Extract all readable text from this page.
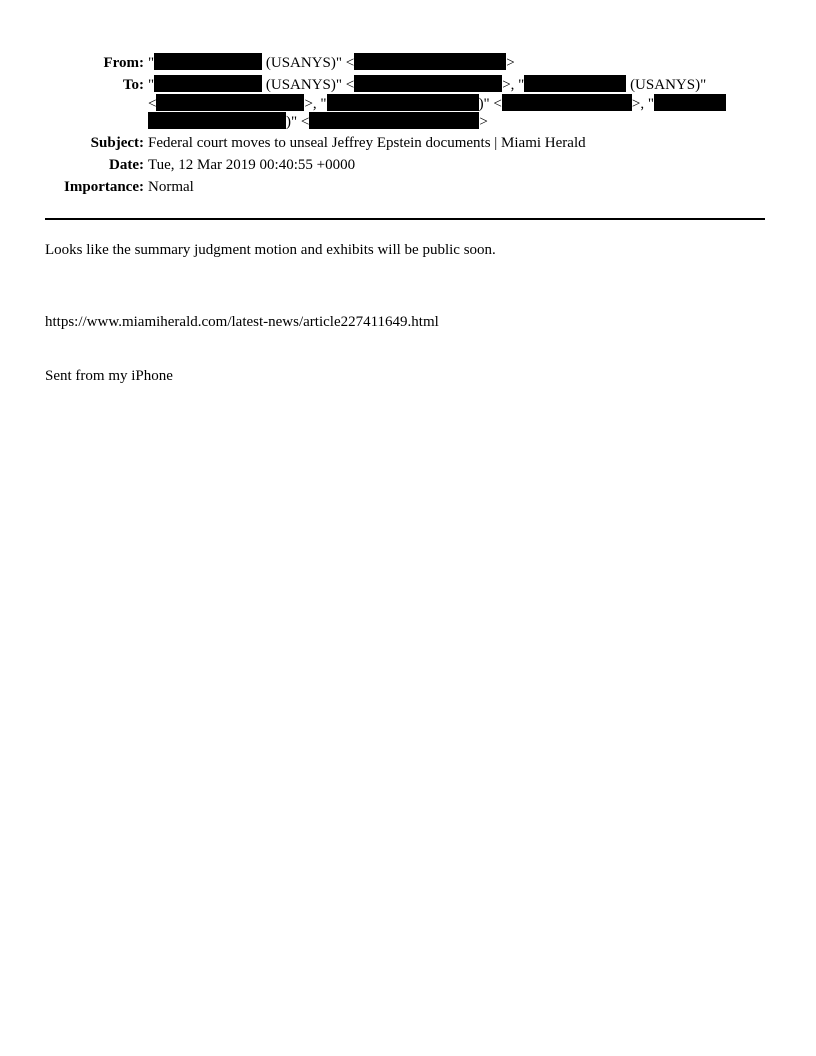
From: "	(USANYS)" <	>
To: "	(USANYS)" <	>, "	(USANYS)"
<	>, "	)" <	>, "
)" <	>
Subject: Federal court moves to unseal Jeffrey Epstein documents | Miami Herald
Date: Tue, 12 Mar 2019 00:40:55 +0000
Importance: Normal
Looks like the summary judgment motion and exhibits will be public soon.
https://www.miamiherald.com/latest-news/article227411649.html
Sent from my iPhone
